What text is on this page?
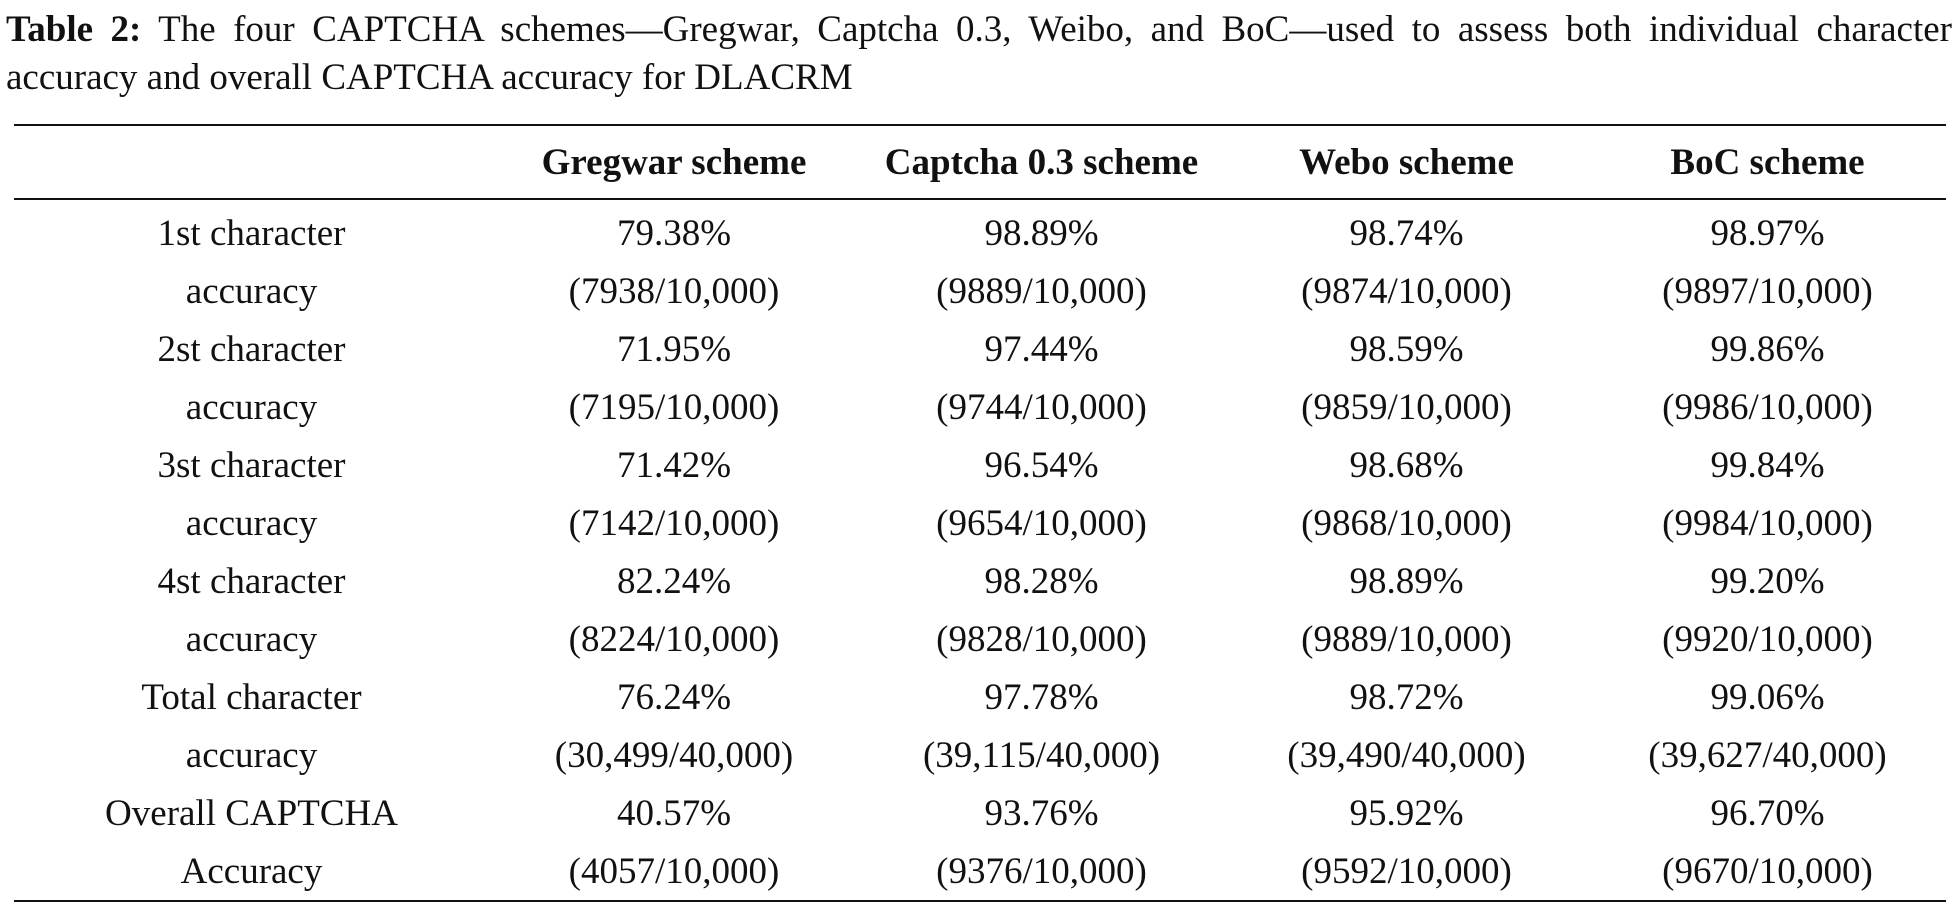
Table 2: The four CAPTCHA schemes—Gregwar, Captcha 0.3, Weibo, and BoC—used to assess both individual character accuracy and overall CAPTCHA accuracy for DLACRM
	Gregwar scheme	Captcha 0.3 scheme	Webo scheme	BoC scheme
1st character	79.38%	98.89%	98.74%	98.97%
accuracy	(7938/10,000)	(9889/10,000)	(9874/10,000)	(9897/10,000)
2st character	71.95%	97.44%	98.59%	99.86%
accuracy	(7195/10,000)	(9744/10,000)	(9859/10,000)	(9986/10,000)
3st character	71.42%	96.54%	98.68%	99.84%
accuracy	(7142/10,000)	(9654/10,000)	(9868/10,000)	(9984/10,000)
4st character	82.24%	98.28%	98.89%	99.20%
accuracy	(8224/10,000)	(9828/10,000)	(9889/10,000)	(9920/10,000)
Total character	76.24%	97.78%	98.72%	99.06%
accuracy	(30,499/40,000)	(39,115/40,000)	(39,490/40,000)	(39,627/40,000)
Overall CAPTCHA	40.57%	93.76%	95.92%	96.70%
Accuracy	(4057/10,000)	(9376/10,000)	(9592/10,000)	(9670/10,000)
